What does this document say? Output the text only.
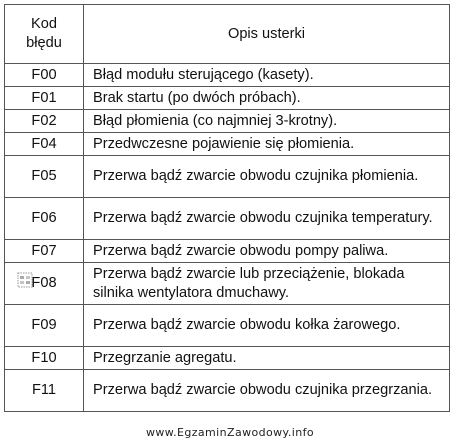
Kod
błędu	Opis usterki
F00	Błąd modułu sterującego (kasety).
F01	Brak startu (po dwóch próbach).
F02	Błąd płomienia (co najmniej 3-krotny).
F04	Przedwczesne pojawienie się płomienia.
F05	Przerwa bądź zwarcie obwodu czujnika płomienia.
F06	Przerwa bądź zwarcie obwodu czujnika temperatury.
F07	Przerwa bądź zwarcie obwodu pompy paliwa.
F08	Przerwa bądź zwarcie lub przeciążenie, blokada silnika wentylatora dmuchawy.
F09	Przerwa bądź zwarcie obwodu kołka żarowego.
F10	Przegrzanie agregatu.
F11	Przerwa bądź zwarcie obwodu czujnika przegrzania.
www.EgzaminZawodowy.info
